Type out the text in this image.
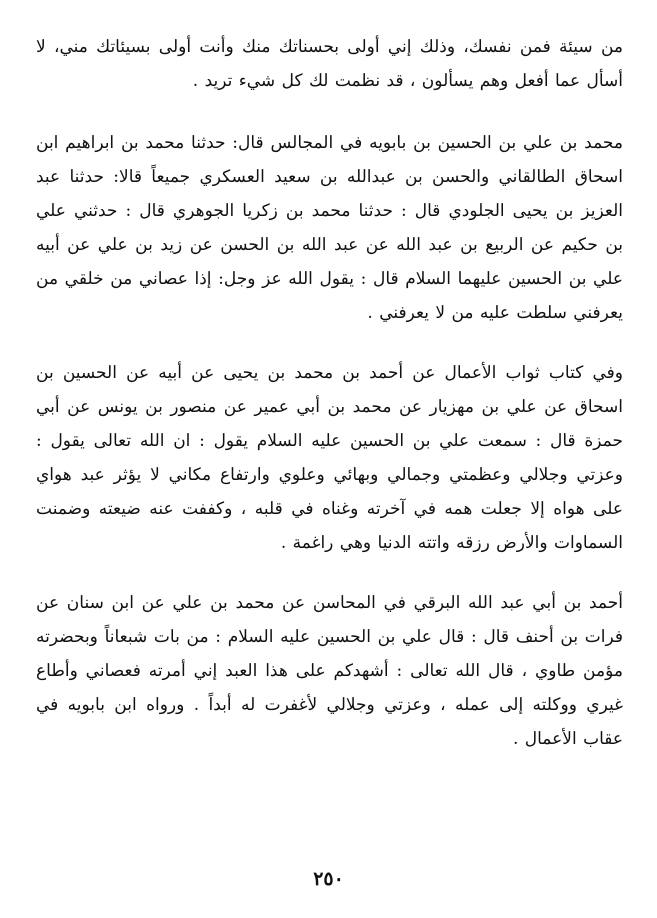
من سيئة فمن نفسك، وذلك إني أولى بحسناتك منك وأنت أولى بسيئاتك مني، لا أسأل عما أفعل وهم يسألون ، قد نظمت لك كل شيء تريد .

محمد بن علي بن الحسين بن بابويه في المجالس قال: حدثنا محمد بن ابراهيم ابن اسحاق الطالقاني والحسن بن عبدالله بن سعيد العسكري جميعاً قالا: حدثنا عبد العزيز بن يحيى الجلودي قال : حدثنا محمد بن زكريا الجوهري قال : حدثني علي بن حكيم عن الربيع بن عبد الله عن عبد الله بن الحسن عن زيد بن علي عن أبيه علي بن الحسين عليهما السلام قال : يقول الله عز وجل: إذا عصاني من خلقي من يعرفني سلطت عليه من لا يعرفني .

وفي كتاب ثواب الأعمال عن أحمد بن محمد بن يحيى عن أبيه عن الحسين بن اسحاق عن علي بن مهزيار عن محمد بن أبي عمير عن منصور بن يونس عن أبي حمزة قال : سمعت علي بن الحسين عليه السلام يقول : ان الله تعالى يقول : وعزتي وجلالي وعظمتي وجمالي وبهائي وعلوي وارتفاع مكاني لا يؤثر عبد هواي على هواه إلا جعلت همه في آخرته وغناه في قلبه ، وكففت عنه ضيعته وضمنت السماوات والأرض رزقه واتته الدنيا وهي راغمة .

أحمد بن أبي عبد الله البرقي في المحاسن عن محمد بن علي عن ابن سنان عن فرات بن أحنف قال : قال علي بن الحسين عليه السلام : من بات شبعاناً وبحضرته مؤمن طاوي ، قال الله تعالى : أشهدكم على هذا العبد إني أمرته فعصاني وأطاع غيري ووكلته إلى عمله ، وعزتي وجلالي لأغفرت له أبداً . ورواه ابن بابويه في عقاب الأعمال .

٢٥٠
